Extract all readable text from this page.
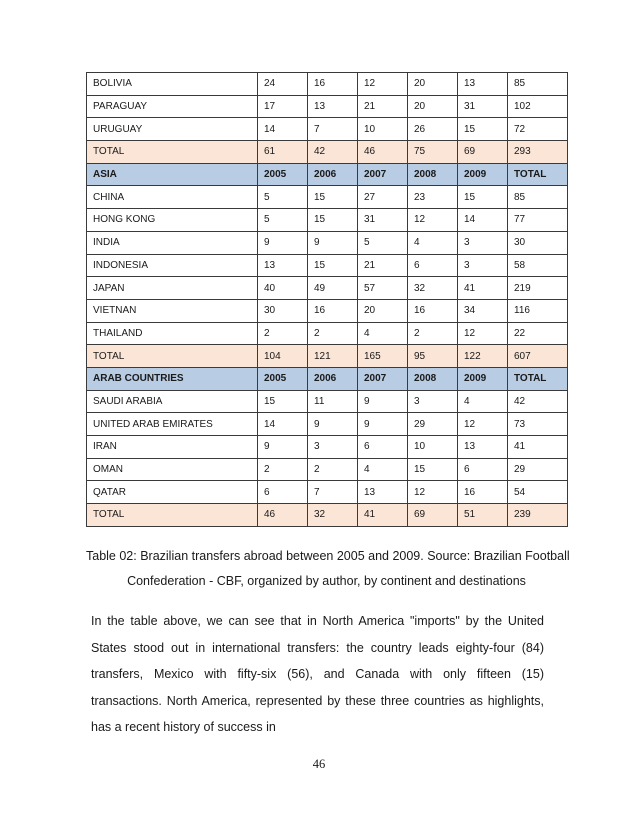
BOLIVIA	24	16	12	20	13	85
PARAGUAY	17	13	21	20	31	102
URUGUAY	14	7	10	26	15	72
TOTAL	61	42	46	75	69	293
ASIA	2005	2006	2007	2008	2009	TOTAL
CHINA	5	15	27	23	15	85
HONG KONG	5	15	31	12	14	77
INDIA	9	9	5	4	3	30
INDONESIA	13	15	21	6	3	58
JAPAN	40	49	57	32	41	219
VIETNAN	30	16	20	16	34	116
THAILAND	2	2	4	2	12	22
TOTAL	104	121	165	95	122	607
ARAB COUNTRIES	2005	2006	2007	2008	2009	TOTAL
SAUDI ARABIA	15	11	9	3	4	42
UNITED ARAB EMIRATES	14	9	9	29	12	73
IRAN	9	3	6	10	13	41
OMAN	2	2	4	15	6	29
QATAR	6	7	13	12	16	54
TOTAL	46	32	41	69	51	239
Table 02: Brazilian transfers abroad between 2005 and 2009. Source: Brazilian Football
Confederation - CBF, organized by author, by continent and destinations

In the table above, we can see that in North America "imports" by the United States stood out in international transfers: the country leads eighty-four (84) transfers, Mexico with fifty-six (56), and Canada with only fifteen (15) transactions. North America, represented by these three countries as highlights, has a recent history of success in

46
